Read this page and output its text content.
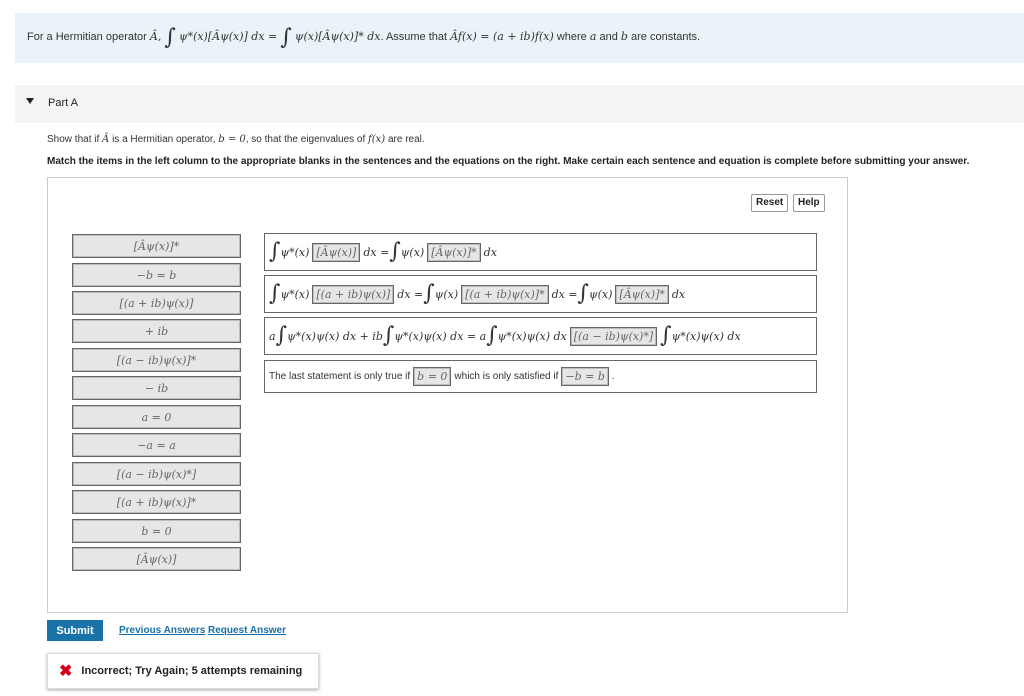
For a Hermitian operator Â, ∫ ψ*(x)[Âψ(x)] dx = ∫ ψ(x)[Âψ(x)]* dx. Assume that Âf(x) = (a + ib)f(x) where a and b are constants.
Part A
Show that if Â is a Hermitian operator, b = 0, so that the eigenvalues of f(x) are real.
Match the items in the left column to the appropriate blanks in the sentences and the equations on the right. Make certain each sentence and equation is complete before submitting your answer.
Reset	Help
[Âψ(x)]*
−b = b
[(a + ib)ψ(x)]
+ ib
[(a − ib)ψ(x)]*
− ib
a = 0
−a = a
[(a − ib)ψ(x)*]
[(a + ib)ψ(x)]*
b = 0
[Âψ(x)]
∫ ψ*(x) [Âψ(x)] dx = ∫ ψ(x) [Âψ(x)]* dx
∫ ψ*(x) [(a + ib)ψ(x)] dx = ∫ ψ(x) [(a + ib)ψ(x)]* dx = ∫ ψ(x) [Âψ(x)]* dx
a ∫ ψ*(x)ψ(x) dx + ib ∫ ψ*(x)ψ(x) dx = a ∫ ψ*(x)ψ(x) dx [(a − ib)ψ(x)*] ∫ ψ*(x)ψ(x) dx
The last statement is only true if b = 0 which is only satisfied if −b = b .
Submit	Previous Answers Request Answer
✖ Incorrect; Try Again; 5 attempts remaining
